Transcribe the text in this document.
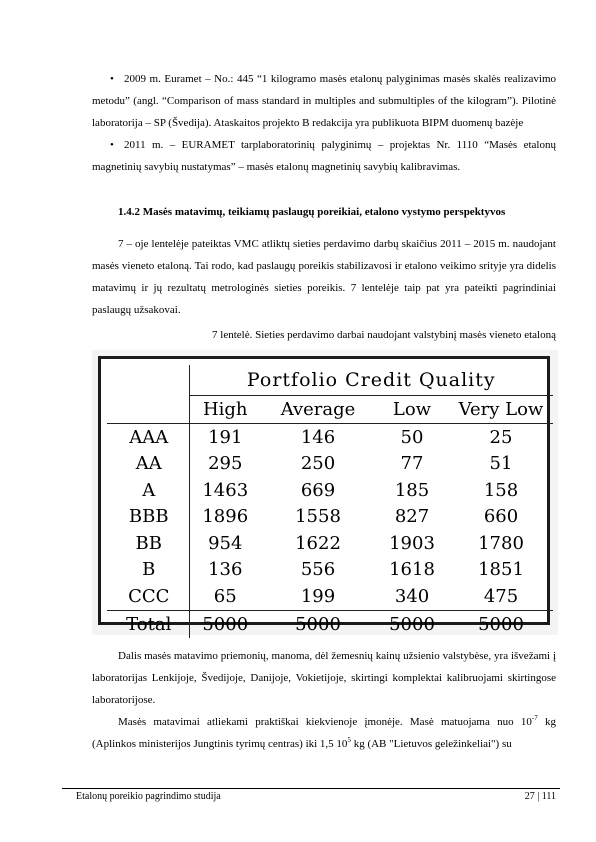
• 2009 m. Euramet – No.: 445 “1 kilogramo masės etalonų palyginimas masės skalės realizavimo metodu” (angl. “Comparison of mass standard in multiples and submultiples of the kilogram”). Pilotinė laboratorija – SP (Švedija). Ataskaitos projekto B redakcija yra publikuota BIPM duomenų bazėje

• 2011 m. – EURAMET tarplaboratorinių palyginimų – projektas Nr. 1110 “Masės etalonų magnetinių savybių nustatymas” – masės etalonų magnetinių savybių kalibravimas.

1.4.2 Masės matavimų, teikiamų paslaugų poreikiai, etalono vystymo perspektyvos

7 – oje lentelėje pateiktas VMC atliktų sieties perdavimo darbų skaičius 2011 – 2015 m. naudojant masės vieneto etaloną. Tai rodo, kad paslaugų poreikis stabilizavosi ir etalono veikimo srityje yra didelis matavimų ir jų rezultatų metrologinės sieties poreikis. 7 lentelėje taip pat yra pateikti pagrindiniai paslaugų užsakovai.

7 lentelė. Sieties perdavimo darbai naudojant valstybinį masės vieneto etaloną
	Portfolio Credit Quality			
	High	Average	Low	Very Low
AAA	191	146	50	25
AA	295	250	77	51
A	1463	669	185	158
BBB	1896	1558	827	660
BB	954	1622	1903	1780
B	136	556	1618	1851
CCC	65	199	340	475
Total	5000	5000	5000	5000

Dalis masės matavimo priemonių, manoma, dėl žemesnių kainų užsienio valstybėse, yra išvežami į laboratorijas Lenkijoje, Švedijoje, Danijoje, Vokietijoje, skirtingi komplektai kalibruojami skirtingose laboratorijose.

Masės matavimai atliekami praktiškai kiekvienoje įmonėje. Masė matuojama nuo $10^{-7}$ kg (Aplinkos ministerijos Jungtinis tyrimų centras) iki 1,5 $10^5$ kg (AB "Lietuvos geležinkeliai") su

Etalonų poreikio pagrindimo studija	27 | 111
